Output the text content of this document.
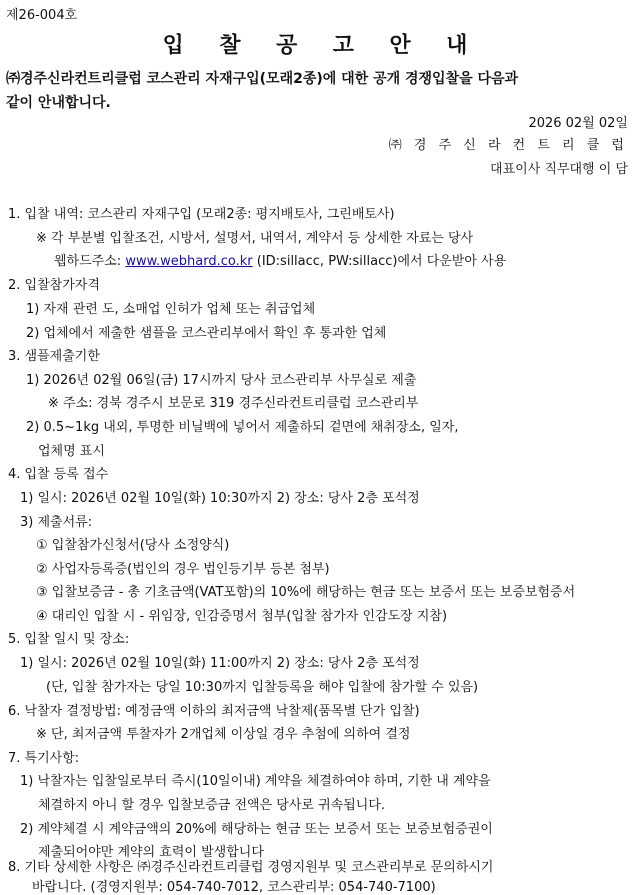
제26-004호
입 찰 공 고 안 내
㈜경주신라컨트리클럽 코스관리 자재구입(모래2종)에 대한 공개 경쟁입찰을 다음과
같이 안내합니다.
2026 02월 02일
㈜ 경 주 신 라 컨 트 리 클 럽
대표이사 직무대행 이 담
1. 입찰 내역: 코스관리 자재구입 (모래2종: 평지배토사, 그린배토사)
※ 각 부분별 입찰조건, 시방서, 설명서, 내역서, 계약서 등 상세한 자료는 당사
웹하드주소: www.webhard.co.kr (ID:sillacc, PW:sillacc)에서 다운받아 사용
2. 입찰참가자격
1) 자재 관련 도, 소매업 인허가 업체 또는 취급업체
2) 업체에서 제출한 샘플을 코스관리부에서 확인 후 통과한 업체
3. 샘플제출기한
1) 2026년 02월 06일(금) 17시까지 당사 코스관리부 사무실로 제출
※ 주소: 경북 경주시 보문로 319 경주신라컨트리클럽 코스관리부
2) 0.5~1kg 내외, 투명한 비닐백에 넣어서 제출하되 겉면에 채취장소, 일자,
업체명 표시
4. 입찰 등록 접수
1) 일시: 2026년 02월 10일(화) 10:30까지 2) 장소: 당사 2층 포석정
3) 제출서류:
① 입찰참가신청서(당사 소정양식)
② 사업자등록증(법인의 경우 법인등기부 등본 첨부)
③ 입찰보증금 - 총 기초금액(VAT포함)의 10%에 해당하는 현금 또는 보증서 또는 보증보험증서
④ 대리인 입찰 시 - 위임장, 인감증명서 첨부(입찰 참가자 인감도장 지참)
5. 입찰 일시 및 장소:
1) 일시: 2026년 02월 10일(화) 11:00까지 2) 장소: 당사 2층 포석정
(단, 입찰 참가자는 당일 10:30까지 입찰등록을 해야 입찰에 참가할 수 있음)
6. 낙찰자 결정방법: 예정금액 이하의 최저금액 낙찰제(품목별 단가 입찰)
※ 단, 최저금액 투찰자가 2개업체 이상일 경우 추첨에 의하여 결정
7. 특기사항:
1) 낙찰자는 입찰일로부터 즉시(10일이내) 계약을 체결하여야 하며, 기한 내 계약을
체결하지 아니 할 경우 입찰보증금 전액은 당사로 귀속됩니다.
2) 계약체결 시 계약금액의 20%에 해당하는 현금 또는 보증서 또는 보증보험증권이
제출되어야만 계약의 효력이 발생합니다
8. 기타 상세한 사항은 ㈜경주신라컨트리클럽 경영지원부 및 코스관리부로 문의하시기
바랍니다. (경영지원부: 054-740-7012, 코스관리부: 054-740-7100)
